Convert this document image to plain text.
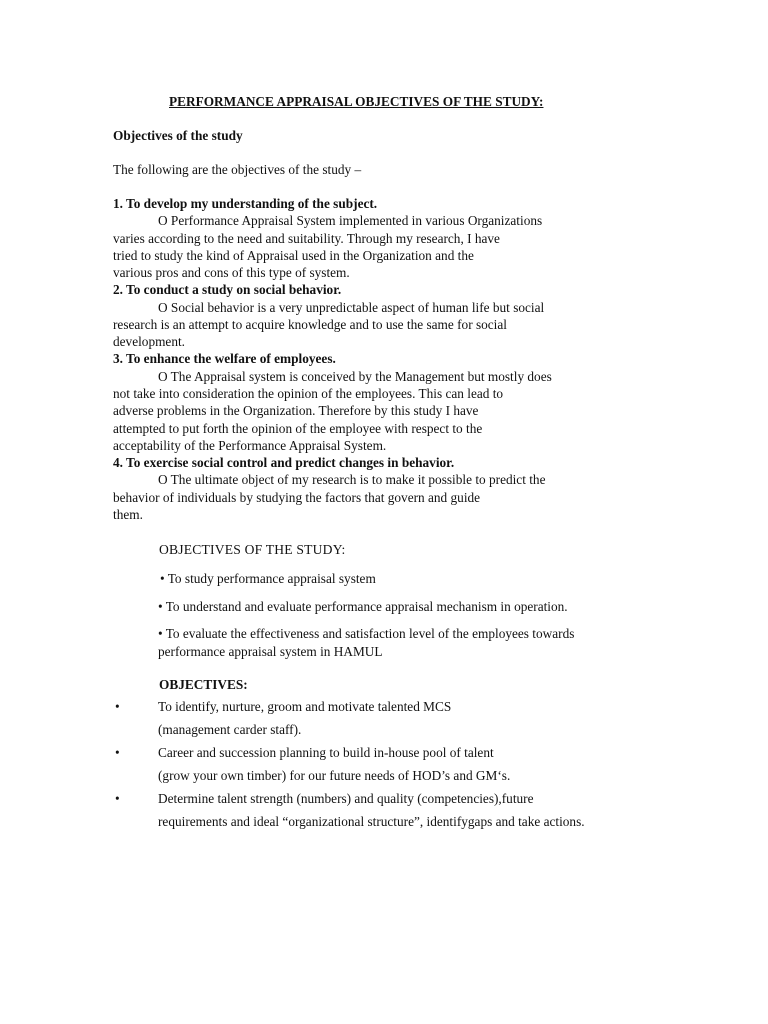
PERFORMANCE APPRAISAL OBJECTIVES OF THE STUDY:
Objectives of the study
The following are the objectives of the study –
1. To develop my understanding of the subject.
O Performance Appraisal System implemented in various Organizations
varies according to the need and suitability. Through my research, I have
tried to study the kind of Appraisal used in the Organization and the
various pros and cons of this type of system.
2. To conduct a study on social behavior.
O Social behavior is a very unpredictable aspect of human life but social
research is an attempt to acquire knowledge and to use the same for social
development.
3. To enhance the welfare of employees.
O The Appraisal system is conceived by the Management but mostly does
not take into consideration the opinion of the employees. This can lead to
adverse problems in the Organization. Therefore by this study I have
attempted to put forth the opinion of the employee with respect to the
acceptability of the Performance Appraisal System.
4. To exercise social control and predict changes in behavior.
O The ultimate object of my research is to make it possible to predict the
behavior of individuals by studying the factors that govern and guide
them.
OBJECTIVES OF THE STUDY:
• To study performance appraisal system
• To understand and evaluate performance appraisal mechanism in operation.
• To evaluate the effectiveness and satisfaction level of the employees towards
performance appraisal system in HAMUL
OBJECTIVES:
•	To identify, nurture, groom and motivate talented MCS
(management carder staff).
•	Career and succession planning to build in-house pool of talent
(grow your own timber) for our future needs of HOD’s and GM‘s.
•	Determine talent strength (numbers) and quality (competencies),future
requirements and ideal “organizational structure”, identifygaps and take actions.
